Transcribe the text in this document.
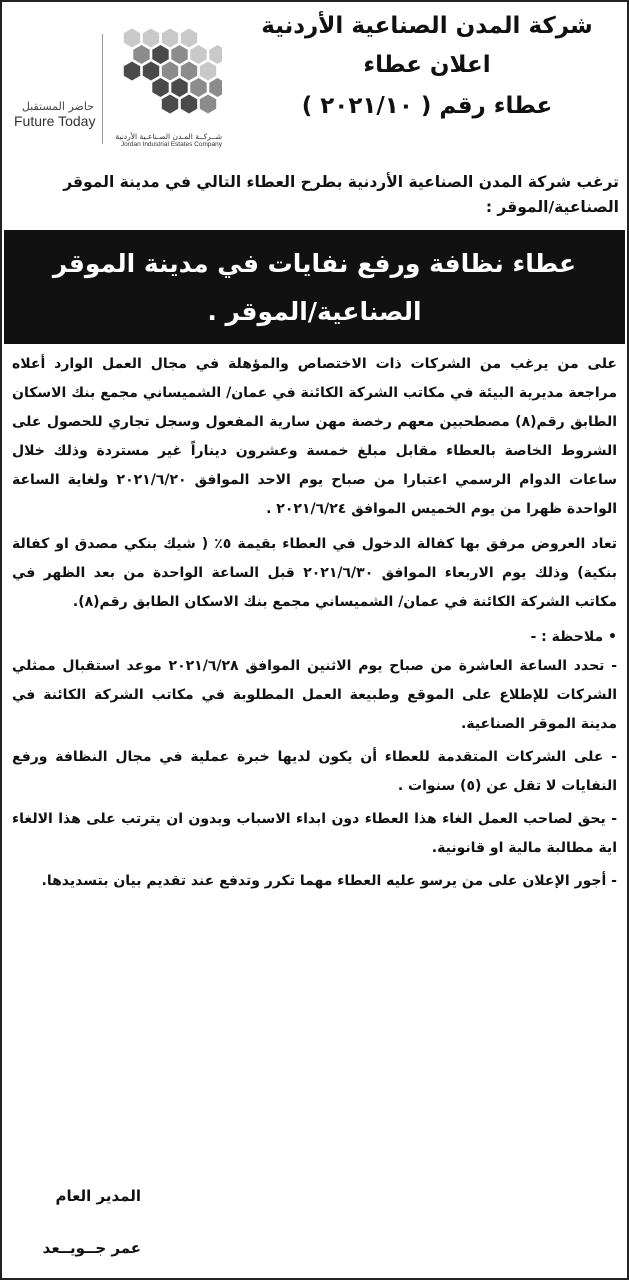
حاضر المستقبل
Future Today
شــركــة المـدن الصـناعـية الأردنية
Jordan Industrial Estates Company
شركة المدن الصناعية الأردنية
اعلان عطاء
عطاء رقم ( ٢٠٢١/١٠ )
ترغب شركة المدن الصناعية الأردنية بطرح العطاء التالي في مدينة الموقر الصناعية/الموقر :
عطاء نظافة ورفع نفايات في مدينة الموقر
الصناعية/الموقر .

على من يرغب من الشركات ذات الاختصاص والمؤهلة في مجال العمل الوارد أعلاه مراجعة مديرية البيئة في مكاتب الشركة الكائنة في عمان/ الشميساني مجمع بنك الاسكان الطابق رقم(٨) مصطحبين معهم رخصة مهن سارية المفعول وسجل تجاري للحصول على الشروط الخاصة بالعطاء مقابل مبلغ خمسة وعشرون ديناراً غير مستردة وذلك خلال ساعات الدوام الرسمي اعتبارا من صباح يوم الاحد الموافق ٢٠٢١/٦/٢٠ ولغاية الساعة الواحدة ظهرا من يوم الخميس الموافق ٢٠٢١/٦/٢٤ .

تعاد العروض مرفق بها كفالة الدخول في العطاء بقيمة ٥٪ ( شيك بنكي مصدق او كفالة بنكية) وذلك يوم الاربعاء الموافق ٢٠٢١/٦/٣٠ قبل الساعة الواحدة من بعد الظهر في مكاتب الشركة الكائنة في عمان/ الشميساني مجمع بنك الاسكان الطابق رقم(٨).

• ملاحظة : -

- تحدد الساعة العاشرة من صباح يوم الاثنين الموافق ٢٠٢١/٦/٢٨ موعد استقبال ممثلي الشركات للإطلاع على الموقع وطبيعة العمل المطلوبة في مكاتب الشركة الكائنة في مدينة الموقر الصناعية.

- على الشركات المتقدمة للعطاء أن يكون لديها خبرة عملية في مجال النظافة ورفع النفايات لا تقل عن (٥) سنوات .

- يحق لصاحب العمل الغاء هذا العطاء دون ابداء الاسباب وبدون ان يترتب على هذا الالغاء اية مطالبة مالية او قانونية.

- أجور الإعلان على من يرسو عليه العطاء مهما تكرر وتدفع عند تقديم بيان بتسديدها.

المدير العام
عمر جــويــعد
